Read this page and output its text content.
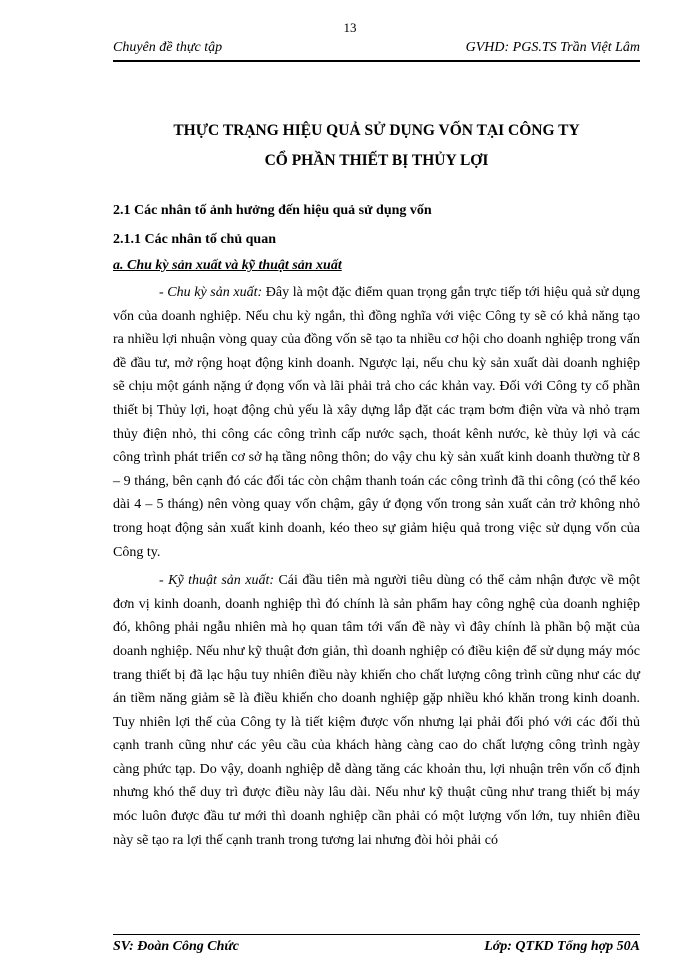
13
Chuyên đề thực tập	GVHD: PGS.TS Trần Việt Lâm
THỰC TRẠNG HIỆU QUẢ SỬ DỤNG VỐN TẠI CÔNG TY
CỔ PHẦN THIẾT BỊ THỦY LỢI
2.1 Các nhân tố ảnh hưởng đến hiệu quả sử dụng vốn
2.1.1 Các nhân tố chủ quan
a. Chu kỳ sản xuất và kỹ thuật sản xuất

- Chu kỳ sản xuất: Đây là một đặc điểm quan trọng gắn trực tiếp tới hiệu quả sử dụng vốn của doanh nghiệp. Nếu chu kỳ ngắn, thì đồng nghĩa với việc Công ty sẽ có khả năng tạo ra nhiều lợi nhuận vòng quay của đồng vốn sẽ tạo ta nhiều cơ hội cho doanh nghiệp trong vấn đề đầu tư, mở rộng hoạt động kinh doanh. Ngược lại, nếu chu kỳ sản xuất dài doanh nghiệp sẽ chịu một gánh nặng ứ đọng vốn và lãi phải trả cho các khản vay. Đối với Công ty cổ phần thiết bị Thủy lợi, hoạt động chủ yếu là xây dựng lắp đặt các trạm bơm điện vừa và nhỏ trạm thủy điện nhỏ, thi công các công trình cấp nước sạch, thoát kênh nước, kè thủy lợi và các công trình phát triển cơ sở hạ tầng nông thôn; do vậy chu kỳ sản xuất kinh doanh thường từ 8 – 9 tháng, bên cạnh đó các đối tác còn chậm thanh toán các công trình đã thi công (có thể kéo dài 4 – 5 tháng) nên vòng quay vốn chậm, gây ứ đọng vốn trong sản xuất cản trở không nhỏ trong hoạt động sản xuất kinh doanh, kéo theo sự giảm hiệu quả trong việc sử dụng vốn của Công ty.

- Kỹ thuật sản xuất: Cái đầu tiên mà người tiêu dùng có thể cảm nhận được về một đơn vị kinh doanh, doanh nghiệp thì đó chính là sản phẩm hay công nghệ của doanh nghiệp đó, không phải ngẫu nhiên mà họ quan tâm tới vấn đề này vì đây chính là phần bộ mặt của doanh nghiệp. Nếu như kỹ thuật đơn giản, thì doanh nghiệp có điều kiện để sử dụng máy móc trang thiết bị đã lạc hậu tuy nhiên điều này khiến cho chất lượng công trình cũng như các dự án tiềm năng giảm sẽ là điều khiến cho doanh nghiệp gặp nhiều khó khăn trong kinh doanh. Tuy nhiên lợi thế của Công ty là tiết kiệm được vốn nhưng lại phải đối phó với các đối thủ cạnh tranh cũng như các yêu cầu của khách hàng càng cao do chất lượng công trình ngày càng phức tạp. Do vậy, doanh nghiệp dễ dàng tăng các khoản thu, lợi nhuận trên vốn cố định nhưng khó thể duy trì được điều này lâu dài. Nếu như kỹ thuật cũng như trang thiết bị máy móc luôn được đầu tư mới thì doanh nghiệp cần phải có một lượng vốn lớn, tuy nhiên điều này sẽ tạo ra lợi thế cạnh tranh trong tương lai nhưng đòi hỏi phải có

SV: Đoàn Công Chức	Lớp: QTKD Tổng hợp 50A
